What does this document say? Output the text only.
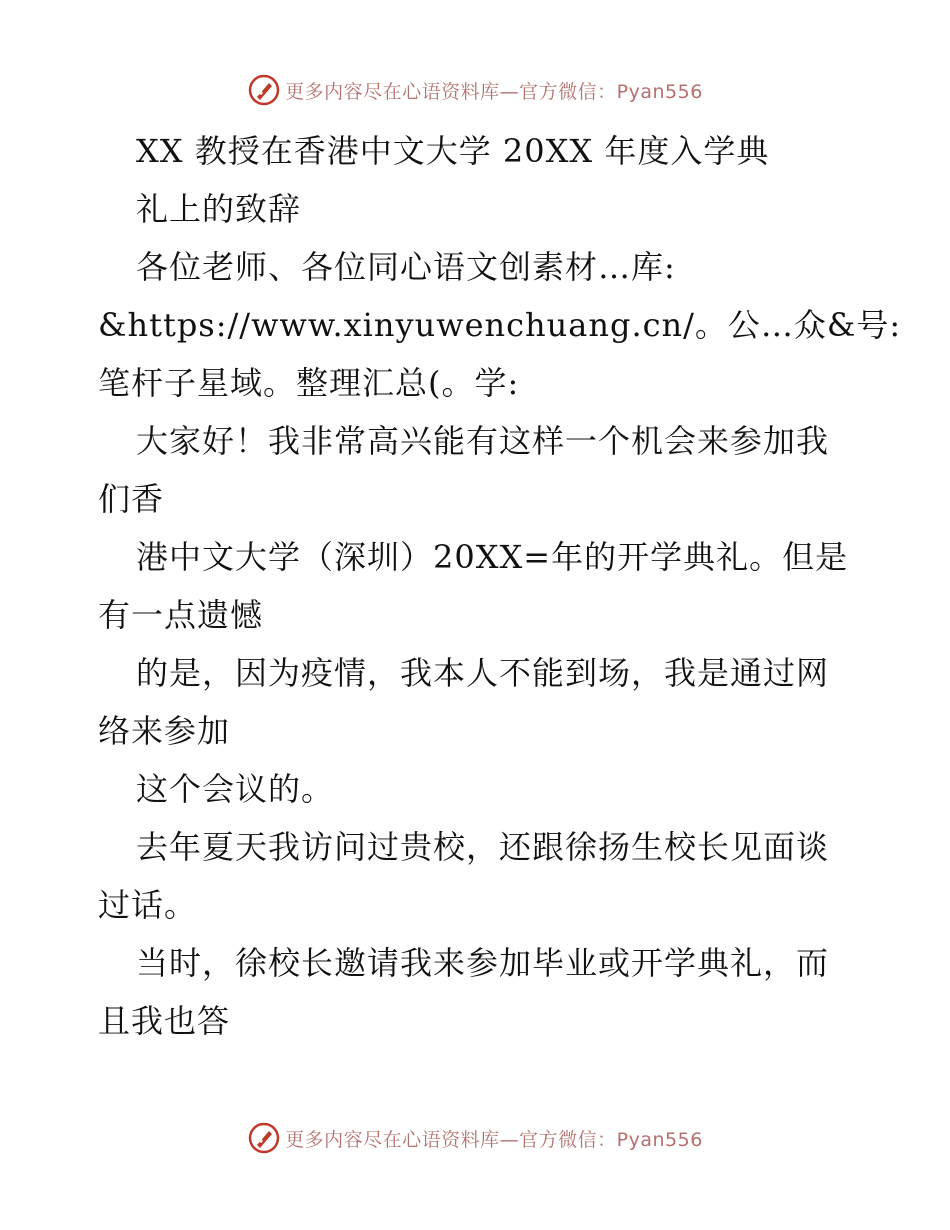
更多内容尽在心语资料库—官方微信：Pyan556
XX 教授在香港中文大学 20XX 年度入学典
礼上的致辞
各位老师、各位同心语文创素材…库:
&https://www.xinyuwenchuang.cn/。公…众&号:
笔杆子星域。整理汇总(。学:
大家好！我非常高兴能有这样一个机会来参加我
们香
港中文大学（深圳）20XX=年的开学典礼。但是
有一点遗憾
的是，因为疫情，我本人不能到场，我是通过网
络来参加
这个会议的。
去年夏天我访问过贵校，还跟徐扬生校长见面谈
过话。
当时，徐校长邀请我来参加毕业或开学典礼，而
且我也答
更多内容尽在心语资料库—官方微信：Pyan556
